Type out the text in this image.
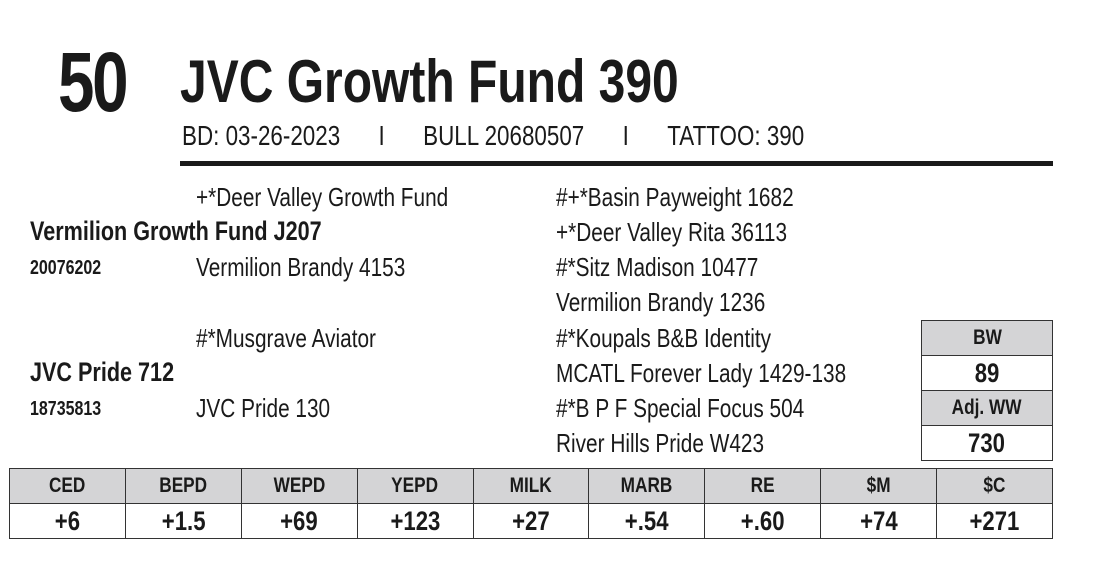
50 JVC Growth Fund 390
BD: 03-26-2023 I BULL 20680507 I TATTOO: 390
+*Deer Valley Growth Fund
Vermilion Growth Fund J207
20076202	Vermilion Brandy 4153
#*Musgrave Aviator
JVC Pride 712
18735813	JVC Pride 130
#+*Basin Payweight 1682
+*Deer Valley Rita 36113
#*Sitz Madison 10477
Vermilion Brandy 1236
#*Koupals B&B Identity
MCATL Forever Lady 1429-138
#*B P F Special Focus 504
River Hills Pride W423
BW
89
Adj. WW
730
CED	BEPD	WEPD	YEPD	MILK	MARB	RE	$M	$C
+6	+1.5	+69	+123	+27	+.54	+.60	+74	+271
